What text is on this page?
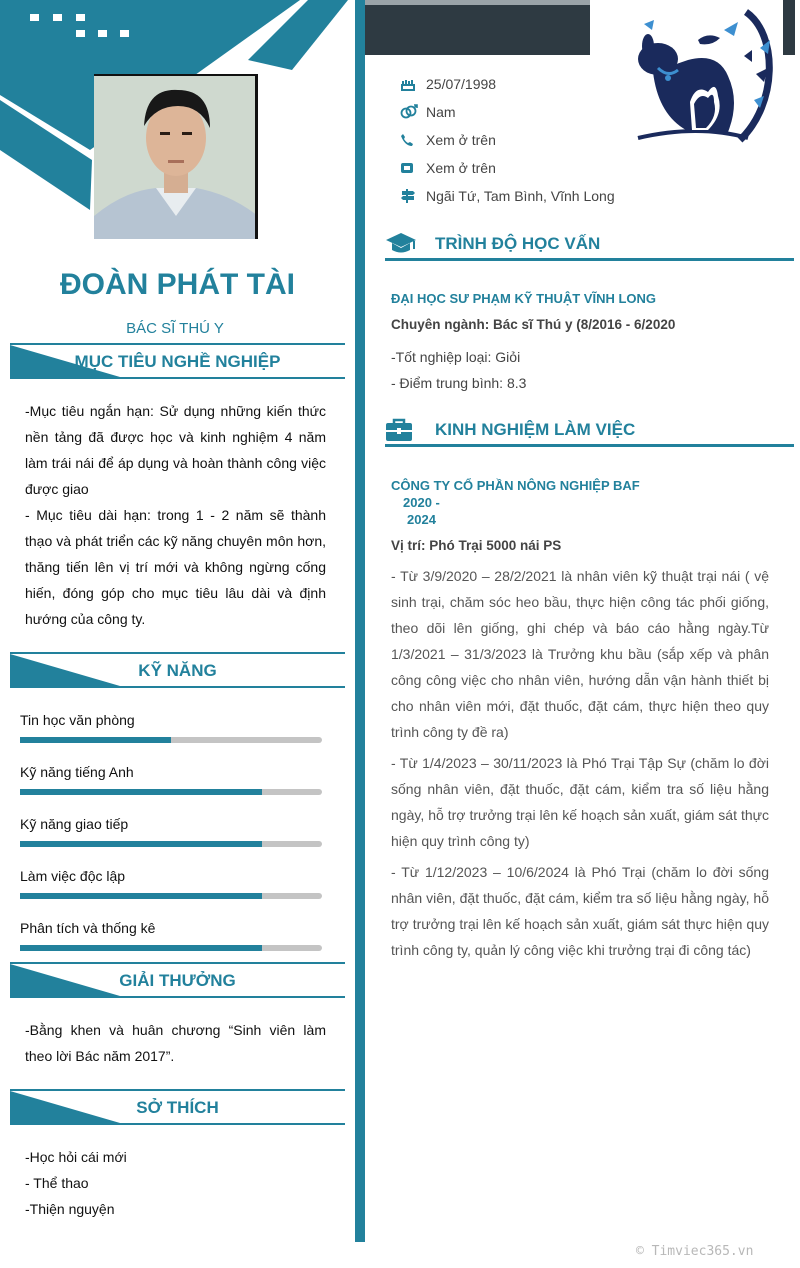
ĐOÀN PHÁT TÀI
BÁC SĨ THÚ Y
MỤC TIÊU NGHỀ NGHIỆP

-Mục tiêu ngắn hạn: Sử dụng những kiến thức nền tảng đã được học và kinh nghiệm 4 năm làm trái nái để áp dụng và hoàn thành công việc được giao

- Mục tiêu dài hạn: trong 1 - 2 năm sẽ thành thạo và phát triển các kỹ năng chuyên môn hơn, thăng tiến lên vị trí mới và không ngừng cống hiến, đóng góp cho mục tiêu lâu dài và định hướng của công ty.

KỸ NĂNG
Tin học văn phòng
Kỹ năng tiếng Anh
Kỹ năng giao tiếp
Làm việc độc lập
Phân tích và thống kê
GIẢI THƯỞNG
-Bằng khen và huân chương “Sinh viên làm theo lời Bác năm 2017”.
SỞ THÍCH
-Học hỏi cái mới
- Thể thao
-Thiện nguyện
25/07/1998
Nam
Xem ở trên
Xem ở trên
Ngãi Tứ, Tam Bình, Vĩnh Long
TRÌNH ĐỘ HỌC VẤN
ĐẠI HỌC SƯ PHẠM KỸ THUẬT VĨNH LONG
Chuyên ngành: Bác sĩ Thú y (8/2016 - 6/2020
-Tốt nghiệp loại: Giỏi
- Điểm trung bình: 8.3
KINH NGHIỆM LÀM VIỆC
CÔNG TY CỔ PHẦN NÔNG NGHIỆP BAF
2020 -
2024
Vị trí: Phó Trại 5000 nái PS
- Từ 3/9/2020 – 28/2/2021 là nhân viên kỹ thuật trại nái ( vệ sinh trại, chăm sóc heo bầu, thực hiện công tác phối giống, theo dõi lên giống, ghi chép và báo cáo hằng ngày.Từ 1/3/2021 – 31/3/2023 là Trưởng khu bầu (sắp xếp và phân công công việc cho nhân viên, hướng dẫn vận hành thiết bị cho nhân viên mới, đặt thuốc, đặt cám, thực hiện theo quy trình công ty đề ra)
- Từ 1/4/2023 – 30/11/2023 là Phó Trại Tập Sự (chăm lo đời sống nhân viên, đặt thuốc, đặt cám, kiểm tra số liệu hằng ngày, hỗ trợ trưởng trại lên kế hoạch sản xuất, giám sát thực hiện quy trình công ty)
- Từ 1/12/2023 – 10/6/2024 là Phó Trại (chăm lo đời sống nhân viên, đặt thuốc, đặt cám, kiểm tra số liệu hằng ngày, hỗ trợ trưởng trại lên kế hoạch sản xuất, giám sát thực hiện quy trình công ty, quản lý công việc khi trưởng trại đi công tác)
© Timviec365.vn
